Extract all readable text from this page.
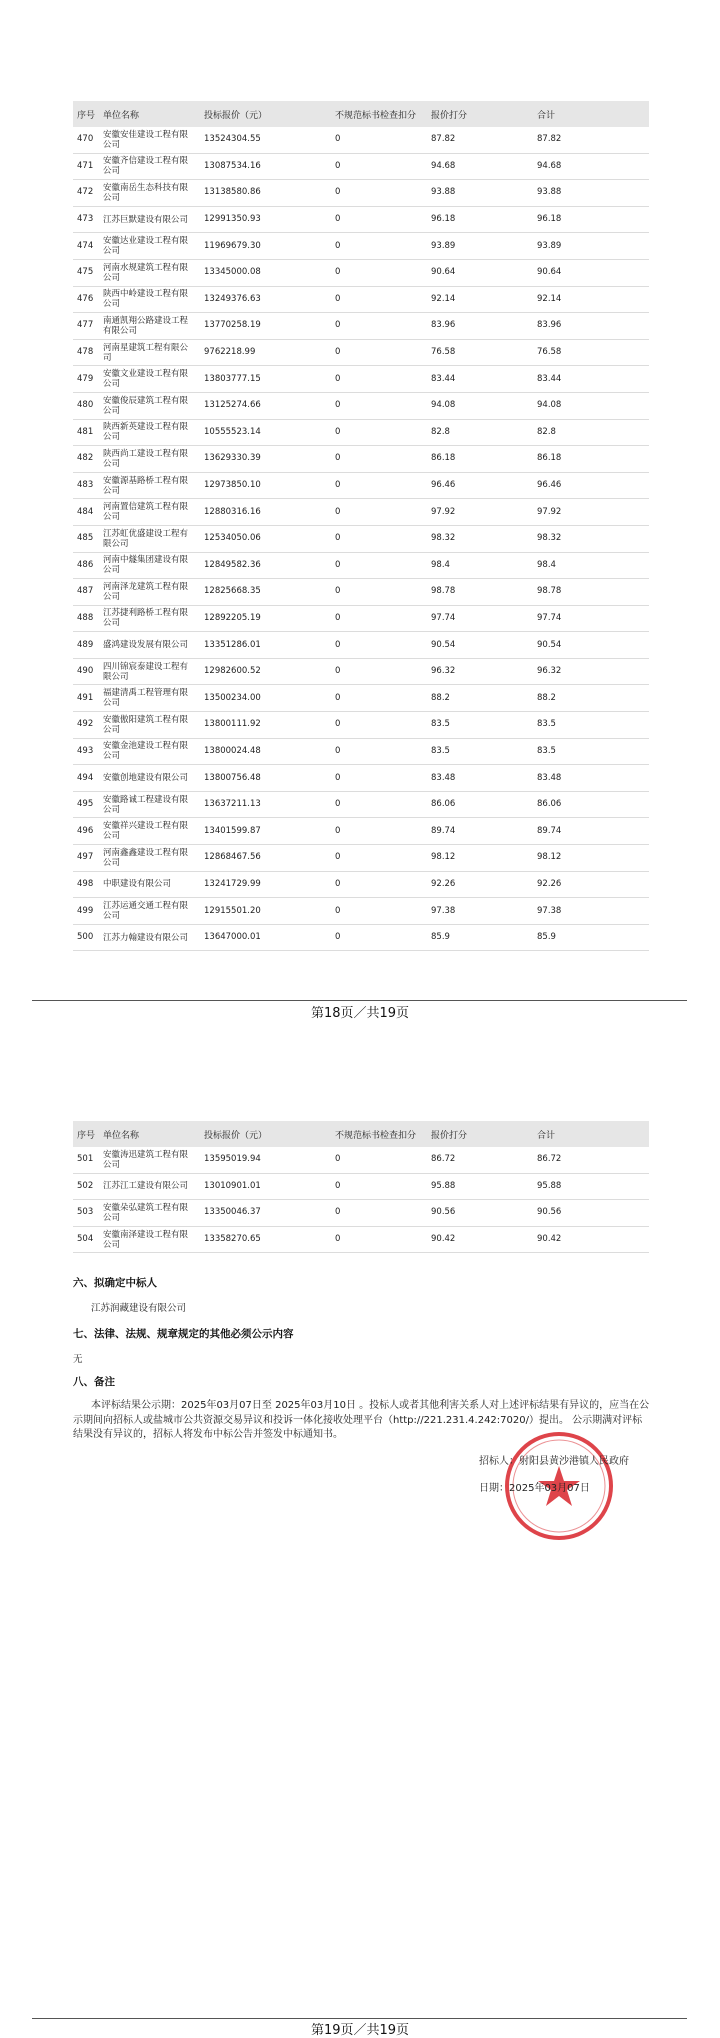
序号	单位名称	投标报价（元）	不规范标书检查扣分	报价打分	合计
470	安徽安佳建设工程有限公司	13524304.55	0	87.82	87.82
471	安徽齐信建设工程有限公司	13087534.16	0	94.68	94.68
472	安徽南岳生态科技有限公司	13138580.86	0	93.88	93.88
473	江苏巨默建设有限公司	12991350.93	0	96.18	96.18
474	安徽达业建设工程有限公司	11969679.30	0	93.89	93.89
475	河南水规建筑工程有限公司	13345000.08	0	90.64	90.64
476	陕西中岭建设工程有限公司	13249376.63	0	92.14	92.14
477	南通凯翔公路建设工程有限公司	13770258.19	0	83.96	83.96
478	河南星建筑工程有限公司	9762218.99	0	76.58	76.58
479	安徽文业建设工程有限公司	13803777.15	0	83.44	83.44
480	安徽俊辰建筑工程有限公司	13125274.66	0	94.08	94.08
481	陕西新英建设工程有限公司	10555523.14	0	82.8	82.8
482	陕西尚工建设工程有限公司	13629330.39	0	86.18	86.18
483	安徽源基路桥工程有限公司	12973850.10	0	96.46	96.46
484	河南置信建筑工程有限公司	12880316.16	0	97.92	97.92
485	江苏虹优盛建设工程有限公司	12534050.06	0	98.32	98.32
486	河南中燧集团建设有限公司	12849582.36	0	98.4	98.4
487	河南泽龙建筑工程有限公司	12825668.35	0	98.78	98.78
488	江苏捷利路桥工程有限公司	12892205.19	0	97.74	97.74
489	盛鸿建设发展有限公司	13351286.01	0	90.54	90.54
490	四川锦宸泰建设工程有限公司	12982600.52	0	96.32	96.32
491	福建清禹工程管理有限公司	13500234.00	0	88.2	88.2
492	安徽傲阳建筑工程有限公司	13800111.92	0	83.5	83.5
493	安徽金池建设工程有限公司	13800024.48	0	83.5	83.5
494	安徽创地建设有限公司	13800756.48	0	83.48	83.48
495	安徽路诚工程建设有限公司	13637211.13	0	86.06	86.06
496	安徽祥兴建设工程有限公司	13401599.87	0	89.74	89.74
497	河南鑫鑫建设工程有限公司	12868467.56	0	98.12	98.12
498	中职建设有限公司	13241729.99	0	92.26	92.26
499	江苏运通交通工程有限公司	12915501.20	0	97.38	97.38
500	江苏力翰建设有限公司	13647000.01	0	85.9	85.9
第18页／共19页
序号	单位名称	投标报价（元）	不规范标书检查扣分	报价打分	合计
501	安徽涛迅建筑工程有限公司	13595019.94	0	86.72	86.72
502	江苏江工建设有限公司	13010901.01	0	95.88	95.88
503	安徽朵弘建筑工程有限公司	13350046.37	0	90.56	90.56
504	安徽南泽建设工程有限公司	13358270.65	0	90.42	90.42
六、拟确定中标人
江苏润藏建设有限公司
七、法律、法规、规章规定的其他必须公示内容
无
八、备注
本评标结果公示期：2025年03月07日至 2025年03月10日 。投标人或者其他利害关系人对上述评标结果有异议的，应当在公示期间向招标人或盐城市公共资源交易异议和投诉一体化接收处理平台（http://221.231.4.242:7020/）提出。 公示期满对评标结果没有异议的，招标人将发布中标公告并签发中标通知书。
招标人：射阳县黄沙港镇人民政府
日期：2025年03月07日
第19页／共19页
